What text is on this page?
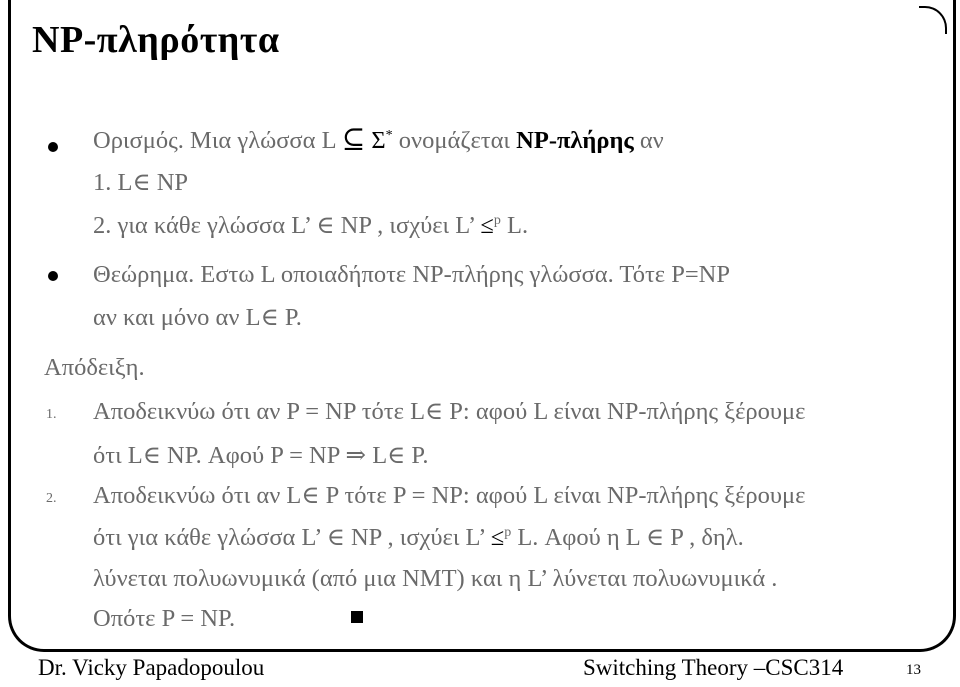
NP-πληρότητα
Ορισμός. Μια γλώσσα L ⊆ Σ* ονομάζεται NP-πλήρης αν
1. L∈ NP
2. για κάθε γλώσσα L’ ∈ NP , ισχύει L’ ≤$^p$ L.
Θεώρημα. Εστω L οποιαδήποτε NP-πλήρης γλώσσα. Τότε P=NP
αν και μόνο αν L∈ P.
Απόδειξη.
1. Αποδεικνύω ότι αν P = NP τότε L∈ P: αφού L είναι NP-πλήρης ξέρουμε
ότι L∈ NP. Αφού P = NP ⇒ L∈ P.
2. Αποδεικνύω ότι αν L∈ P τότε P = NP: αφού L είναι NP-πλήρης ξέρουμε
ότι για κάθε γλώσσα L’ ∈ NP , ισχύει L’ ≤$^p$ L. Αφού η L ∈ P , δηλ.
λύνεται πολυωνυμικά (από μια NMT) και η L’ λύνεται πολυωνυμικά .
Οπότε P = NP.
Dr. Vicky Papadopoulou	Switching Theory –CSC314	13
